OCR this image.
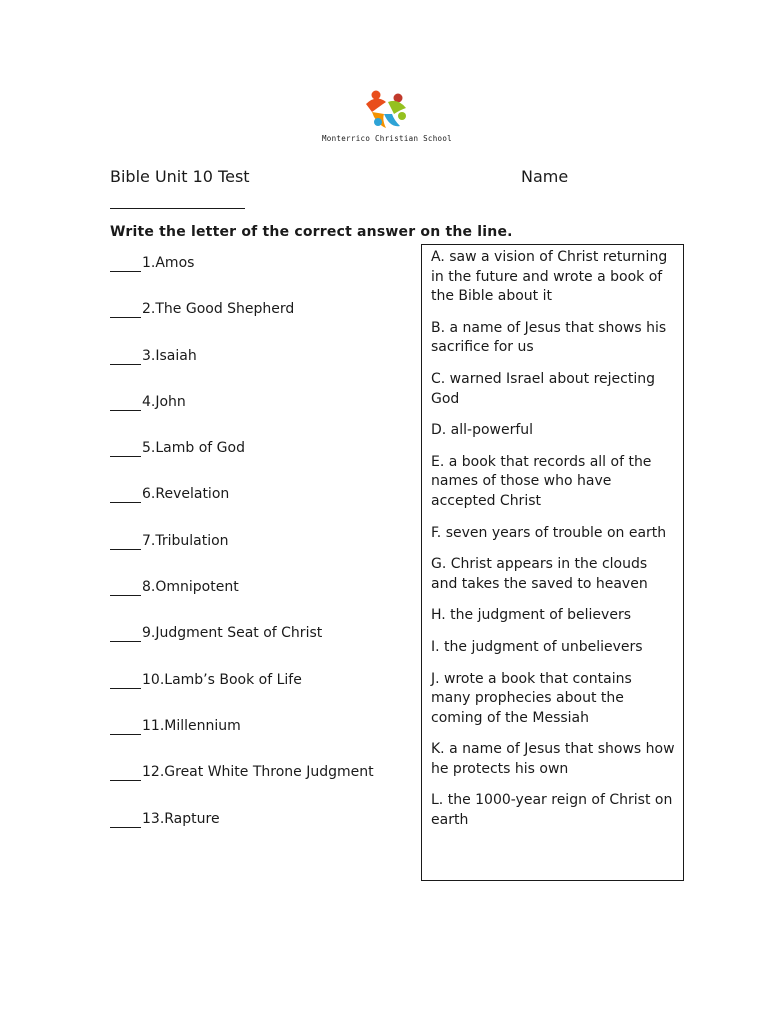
Monterrico Christian School
Bible Unit 10 Test	Name
Write the letter of the correct answer on the line.
1. Amos
2. The Good Shepherd
3. Isaiah
4. John
5. Lamb of God
6. Revelation
7. Tribulation
8. Omnipotent
9. Judgment Seat of Christ
10. Lamb’s Book of Life
11. Millennium
12. Great White Throne Judgment
13. Rapture
A. saw a vision of Christ returning in the future and wrote a book of the Bible about it
B. a name of Jesus that shows his sacrifice for us
C. warned Israel about rejecting God
D. all-powerful
E. a book that records all of the names of those who have accepted Christ
F. seven years of trouble on earth
G. Christ appears in the clouds and takes the saved to heaven
H. the judgment of believers
I. the judgment of unbelievers
J. wrote a book that contains many prophecies about the coming of the Messiah
K. a name of Jesus that shows how he protects his own
L. the 1000-year reign of Christ on earth
